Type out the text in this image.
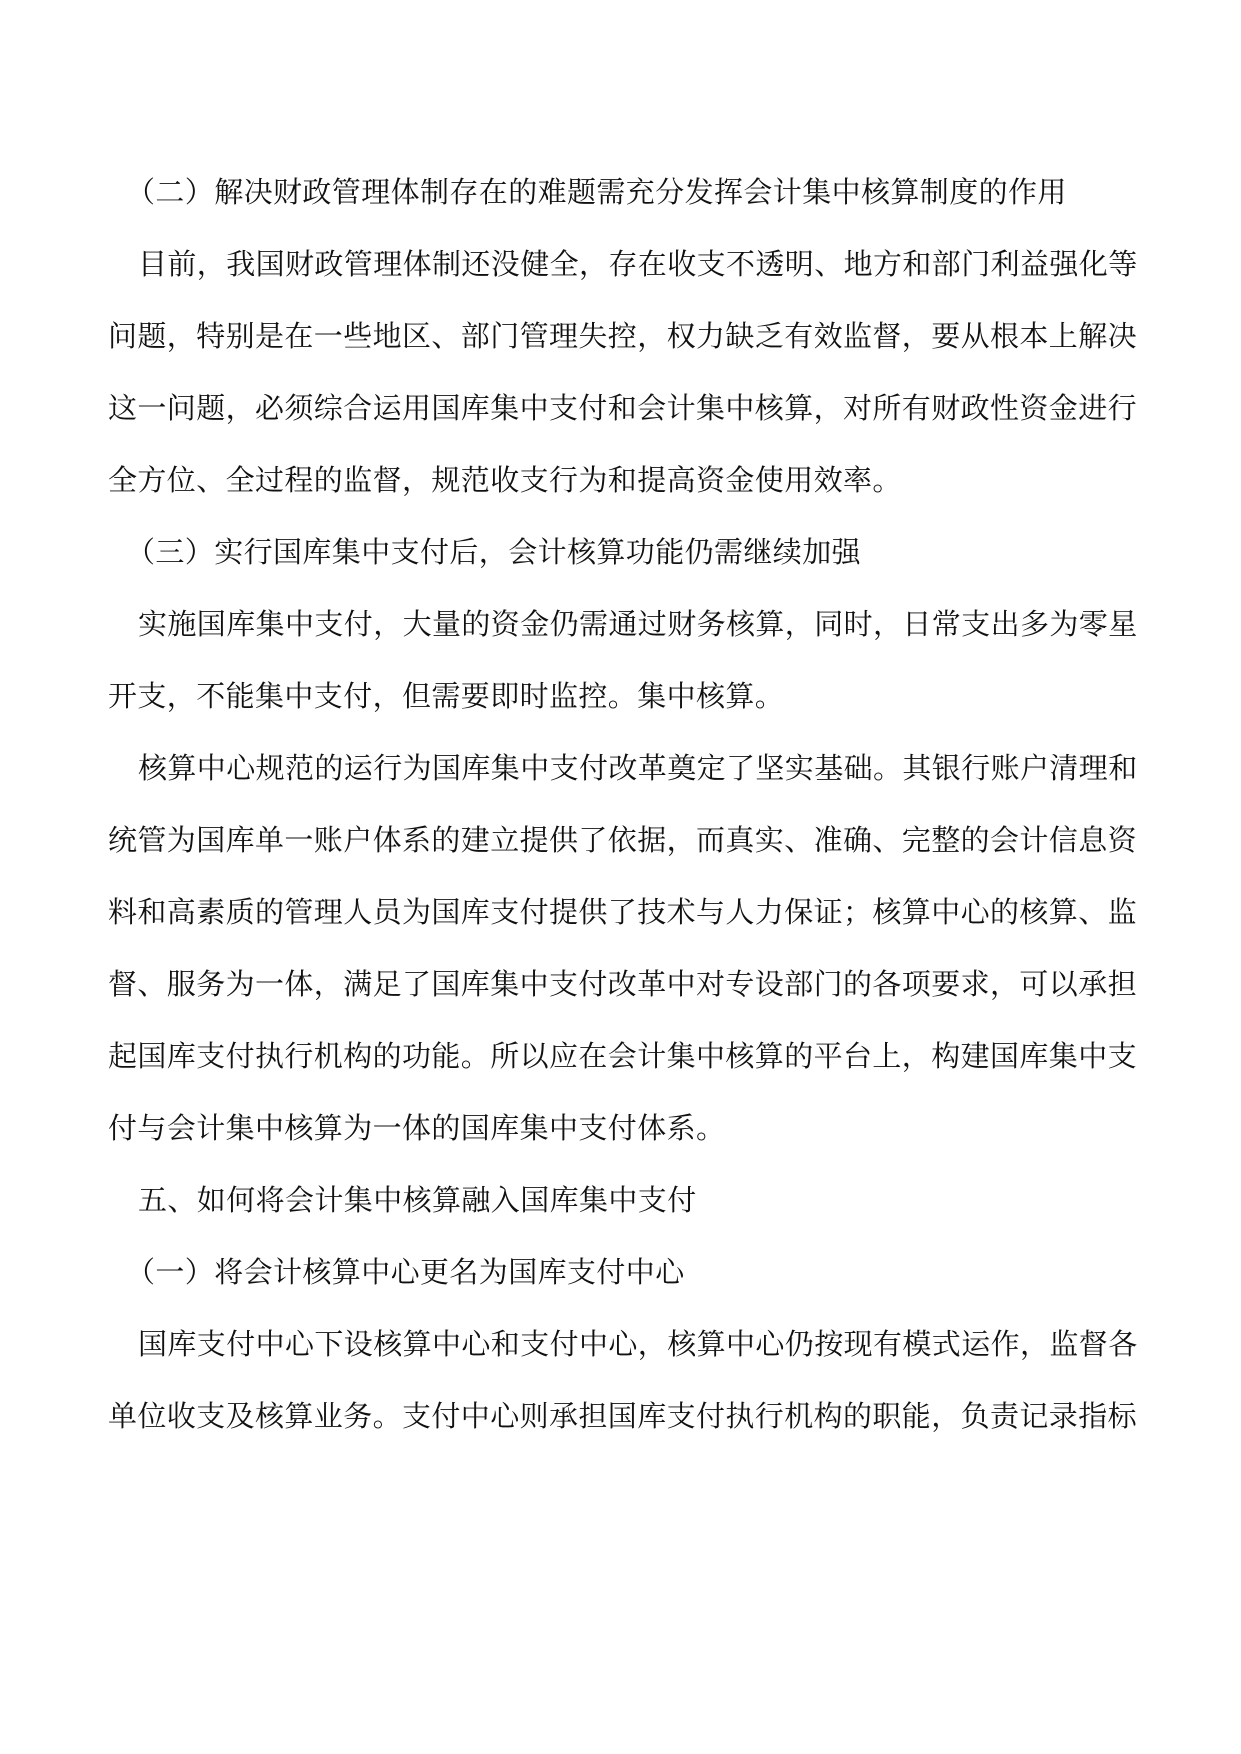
（二）解决财政管理体制存在的难题需充分发挥会计集中核算制度的作用
目前，我国财政管理体制还没健全，存在收支不透明、地方和部门利益强化等
问题，特别是在一些地区、部门管理失控，权力缺乏有效监督，要从根本上解决
这一问题，必须综合运用国库集中支付和会计集中核算，对所有财政性资金进行
全方位、全过程的监督，规范收支行为和提高资金使用效率。
（三）实行国库集中支付后，会计核算功能仍需继续加强
实施国库集中支付，大量的资金仍需通过财务核算，同时，日常支出多为零星
开支，不能集中支付，但需要即时监控。集中核算。
核算中心规范的运行为国库集中支付改革奠定了坚实基础。其银行账户清理和
统管为国库单一账户体系的建立提供了依据，而真实、准确、完整的会计信息资
料和高素质的管理人员为国库支付提供了技术与人力保证；核算中心的核算、监
督、服务为一体，满足了国库集中支付改革中对专设部门的各项要求，可以承担
起国库支付执行机构的功能。所以应在会计集中核算的平台上，构建国库集中支
付与会计集中核算为一体的国库集中支付体系。
五、如何将会计集中核算融入国库集中支付
（一）将会计核算中心更名为国库支付中心
国库支付中心下设核算中心和支付中心，核算中心仍按现有模式运作，监督各
单位收支及核算业务。支付中心则承担国库支付执行机构的职能，负责记录指标
